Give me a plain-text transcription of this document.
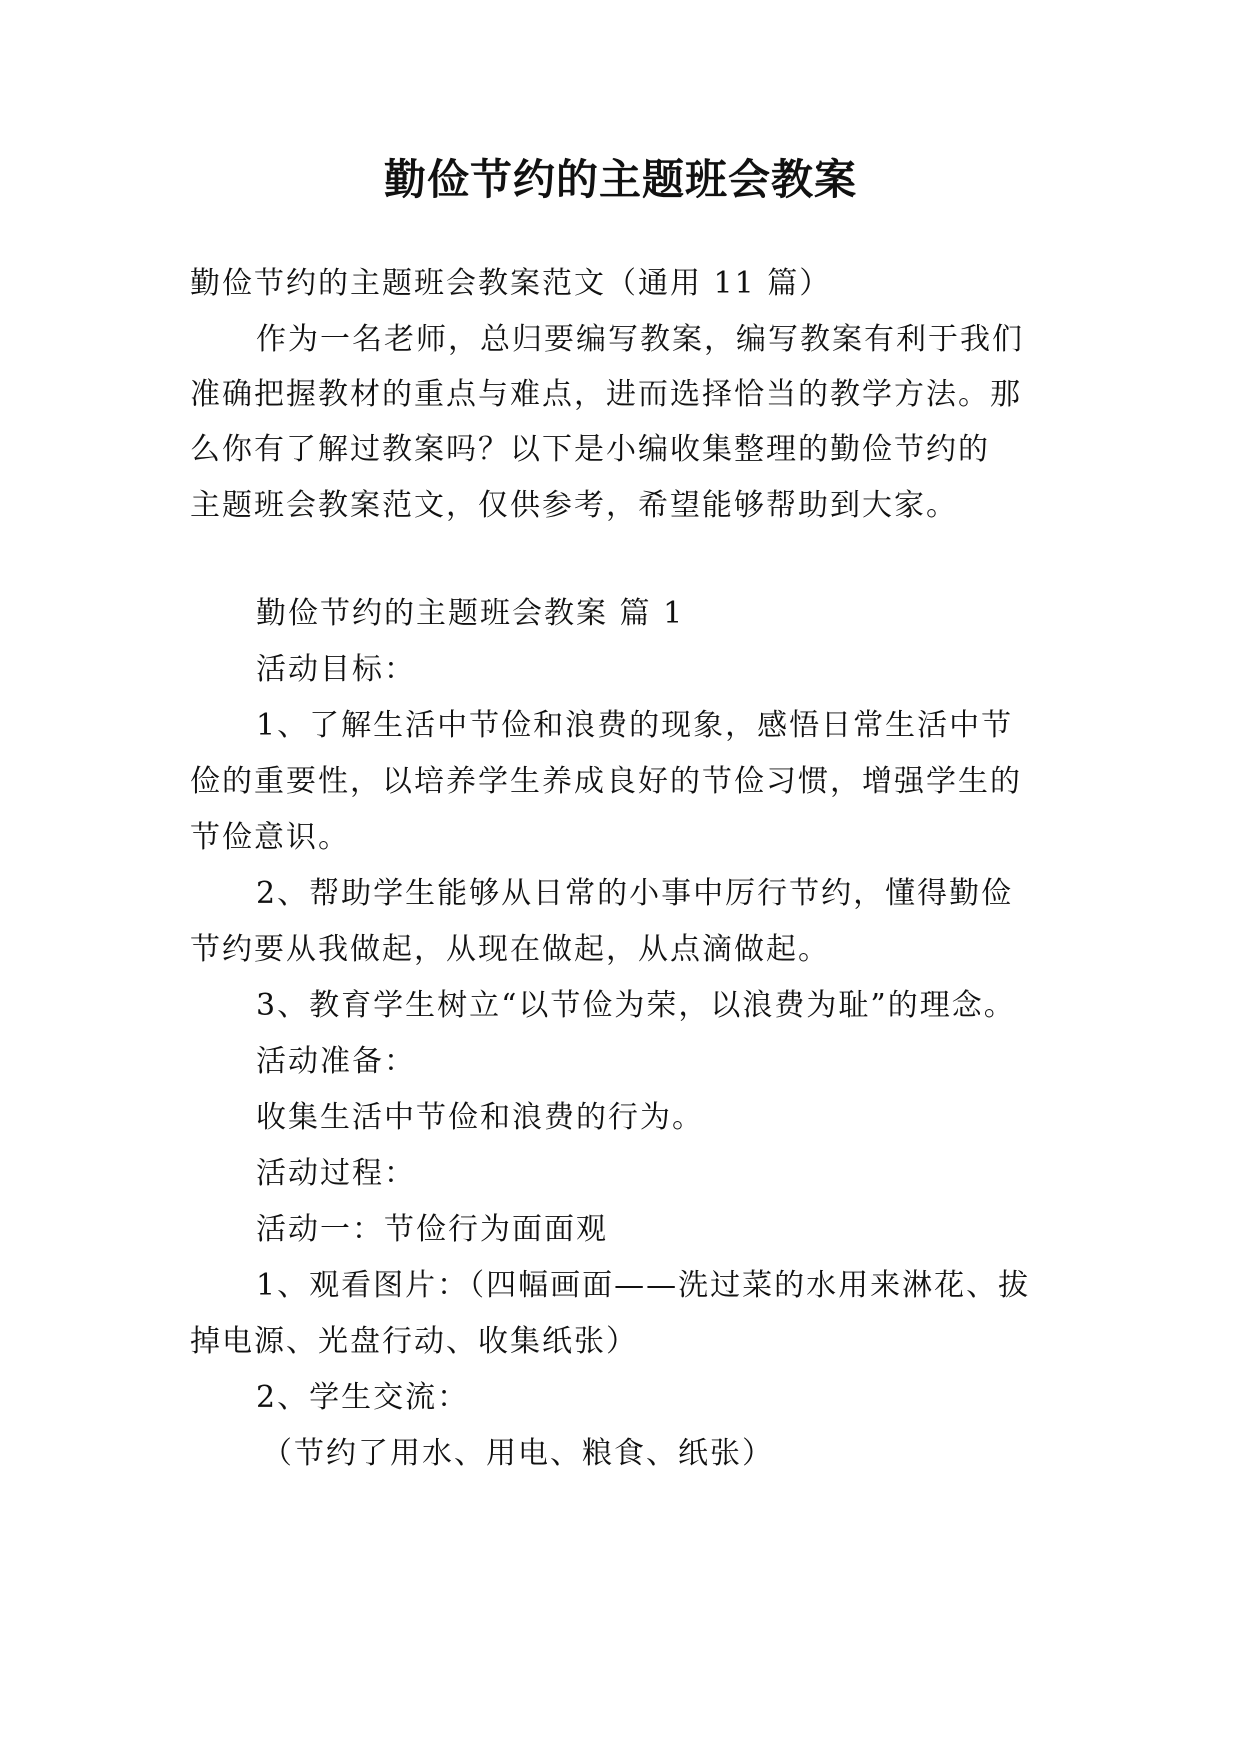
勤俭节约的主题班会教案
勤俭节约的主题班会教案范文（通用 11 篇）
作为一名老师，总归要编写教案，编写教案有利于我们
准确把握教材的重点与难点，进而选择恰当的教学方法。那
么你有了解过教案吗？以下是小编收集整理的勤俭节约的
主题班会教案范文，仅供参考，希望能够帮助到大家。
勤俭节约的主题班会教案 篇 1
活动目标：
1、了解生活中节俭和浪费的现象，感悟日常生活中节
俭的重要性，以培养学生养成良好的节俭习惯，增强学生的
节俭意识。
2、帮助学生能够从日常的小事中厉行节约，懂得勤俭
节约要从我做起，从现在做起，从点滴做起。
3、教育学生树立“以节俭为荣，以浪费为耻”的理念。
活动准备：
收集生活中节俭和浪费的行为。
活动过程：
活动一：节俭行为面面观
1、观看图片：（四幅画面——洗过菜的水用来淋花、拔
掉电源、光盘行动、收集纸张）
2、学生交流：
（节约了用水、用电、粮食、纸张）
